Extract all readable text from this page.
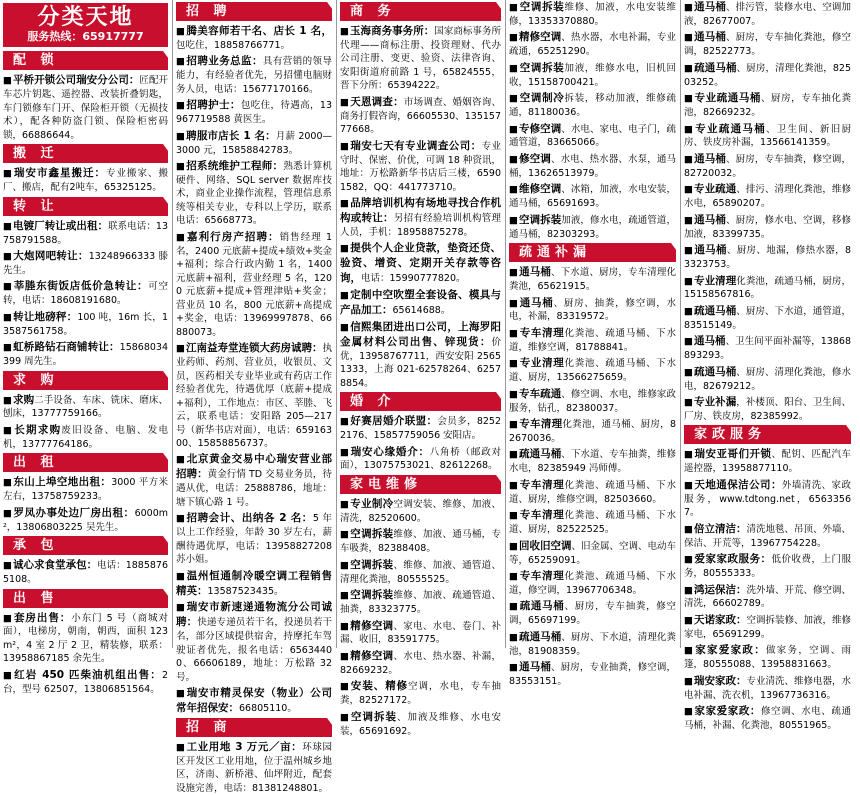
分类天地
服务热线：65917777
配 锁
■平桥开锁公司瑞安分公司：匠配开车芯片钥匙、遥控器、改装折叠钥匙，车门锁修车门开、保险柜开锁（无损技术），配各种防盗门锁、保险柜密码锁，66886644。
搬 迁
■瑞安市鑫星搬迁：专业搬家、搬厂、搬店，配有2吨车，65325125。
转 让
■电镀厂转让或出租：联系电话：13758791588。
■大炮网吧转让：13248966333 滕先生。
■莘塍东街饭店低价急转让：可空转，电话：18608191680。
■转让地磅秤：100 吨，16m 长，13587561758。
■虹桥路钻石商铺转让：15868034399 周先生。
求 购
■求购二手设备、车床、铣床、磨床、刨床，13777759166。
■长期求购废旧设备、电脑、发电机，13777764186。
出 租
■东山上埠空地出租：3000 平方米左右，13758759233。
■罗凤办事处边厂房出租：6000m²，13806803225 吴先生。
承 包
■诚心求食堂承包：电话：18858765108。
出 售
■套房出售：小东门 5 号（商城对面），电梯房，朝南，朝西，面积 123m²，4 室 2 厅 2 卫，精装修，联系：13958867185 余先生。
■红岩 450 匹柴油机组出售：2 台，型号 62507，13806851564。
招 聘
■腾美容师若干名、店长 1 名，包吃住，18858766771。
■招聘业务总监：具有营销的领导能力，有经验者优先，另招懂电脑财务人员，电话：15677170166。
■招聘护士：包吃住，待遇高，13967719588 黄医生。
■聘服市店长 1 名：月薪 2000—3000 元，15858842783。
■招系统维护工程师：熟悉计算机硬件、网络、SQL server 数据库技术，商业企业操作流程，管理信息系统等相关专业，专科以上学历，联系电话：65668773。
■嘉利行房产招聘：销售经理 1 名，2400 元底薪+提成+绩效+奖金+福利；综合行政内勤 1 名，1400 元底薪+福利，营业经理 5 名，1200 元底薪+提成+管理津贴+奖金；营业员 10 名，800 元底薪+高提成+奖金，电话：13969997878、66880073。
■江南益寿堂连锁大药房诚聘：执业药师、药剂、营业员，收银员、文员，医药相关专业毕业或有药店工作经验者优先，待遇优厚（底薪+提成+福利），工作地点：市区、莘塍、飞云，联系电话：安阳路 205—217 号（新华书店对面），电话：65916300、15858856737。
■北京黄金交易中心瑞安营业部招聘：黄金行情 TD 交易业务员，待遇从优，电话：25888786，地址：塘下镇心路 1 号。
■招聘会计、出纳各 2 名：5 年以上工作经验，年龄 30 岁左右，薪酬待遇优厚，电话：13958827208 苏小姐。
■温州恒通制冷暖空调工程销售精英：13587523435。
■瑞安市新速递通物流分公司诚聘：快递专递员若干名，投递员若干名，部分区域提供宿舍，持摩托车驾驶证者优先，报名电话：65634400、66606189，地址：万松路 32 号。
■瑞安市精灵保安（物业）公司常年招保安：66805110。
招 商
■工业用地 3 万元／亩：环球园区开发区工业用地，位于温州城乡地区，济南、新桥港、仙坪附近，配套设施完善，电话：81381248801。
商 务
■玉海商务事务所：国家商标事务所代理——商标注册、投资理财、代办公司注册、变更、验资、法律咨询、安阳街道府前路 1 号，65824555，晋下分所：65394222。
■天恩调查：市场调查、婚姻咨询、商务打假咨询，66605530、13515777668。
■瑞安七天有专业调查公司：专业守时、保密、价优，可调 18 种资讯，地址：万松路新华书店后三楼，65901582，QQ：441773710。
■品牌培训机构有场地寻找合作机构或转让：另招有经验培训机构管理人员，手机：18958875278。
■提供个人企业贷款，垫资还贷、验资、增资、定期开关存款等咨询，电话：15990777820。
■定制中空吹塑全套设备、模具与产品加工：65614688。
■信熙集团进出口公司，上海罗阳金属材料公司出售、锌现货：价优，13958767711，西安安阳 25651333，上海 021-62578264、62578854。
婚 介
■好赛居婚介联盟：会员多，82522176、15857759056 安阳店。
■瑞安心缘婚介：八角桥（邮政对面），13075753021、82612268。
家电维修
■专业制冷空调安装、维修、加液、清洗，82520600。
■空调拆装维修、加液、通马桶，专车吸粪，82388408。
■空调拆装、维修、加液、通管道、清理化粪池，80555525。
■空调拆装维修、加液、疏通管道、抽粪，83323775。
■精修空调、家电、水电、卷门、补漏、收旧，83591775。
■精修空调、水电、热水器、补漏，82669232。
■安装、精修空调，水电，专车抽粪，82527172。
■空调拆装、加液及维修、水电安装，65691692。
■空调拆装维修、加液，水电安装维修，13353370880。
■精修空调、热水器，水电补漏，专业疏通，65251290。
■空调拆装加液，维修水电，旧机回收，15158700421。
■空调制冷拆装，移动加液，维修疏通，81180036。
■专修空调、水电、家电、电子门，疏通管道，83665066。
■修空调、水电、热水器、水泵，通马桶，13626513979。
■维修空调、冰箱，加液，水电安装，通马桶，65691693。
■空调拆装加液，修水电，疏通管道，通马桶，82303293。
疏通补漏
■通马桶、下水道、厨房，专车清理化粪池，65621915。
■通马桶、厨房、抽粪，修空调，水电，补漏，83319572。
■专车清理化粪池、疏通马桶、下水道，维修空调，81788841。
■专业清理化粪池、疏通马桶、下水道、厨房，13566275659。
■专车疏通、修空调、水电，维修家政服务，钻孔，82380037。
■专车清理化粪池，通马桶、厨房，82670036。
■疏通马桶、下水道、专车抽粪，维修水电，82385949 冯师傅。
■专车清理化粪池、疏通马桶、下水道、厨房，维修空调，82503660。
■专车清理化粪池、疏通马桶、下水道、厨房，82522525。
■回收旧空调、旧金属、空调、电动车等，65259091。
■专车清理化粪池、疏通马桶、下水道，修空调，13967706348。
■疏通马桶、厨房，专车抽粪，修空调，65697199。
■疏通马桶、厨房、下水道，清理化粪池，81908359。
■通马桶、厨房，专业抽粪，修空调，83553151。
■通马桶、排污管，装修水电、空调加液，82677007。
■通马桶、厨房，专车抽化粪池，修空调，82522773。
■疏通马桶、厨房，清理化粪池，82503252。
■专业疏通马桶、厨房，专车抽化粪池，82669232。
■专业疏通马桶、卫生间、新旧厨房、铁皮房补漏，13566141359。
■通马桶、厨房，专车抽粪，修空调，82720032。
■专业疏通、排污、清理化粪池，维修水电，65890207。
■通马桶、厨房，修水电、空调，移修加液，83399735。
■通马桶、厨房、地漏，修热水器，83323753。
■专业清理化粪池，疏通马桶，厨房，15158567816。
■疏通马桶、厨房、下水道，通管道，83515149。
■通马桶、卫生间平面补漏等，13868893293。
■疏通马桶、厨房、清理化粪池，修水电，82679212。
■专业补漏，补楼顶、阳台、卫生间、厂房、铁皮房，82385992。
家政服务
■瑞安亚哥们开锁、配钥、匹配汽车遥控器，13958877110。
■天地通保洁公司：外墙清洗、家政服务，www.tdtong.net，65633567。
■倍立清洁：清洗地毯、吊顶、外墙、保洁、开荒等，13967754228。
■爱家家政服务：低价收费，上门服务，80555333。
■鸿运保洁：洗外墙、开荒、修空调、清洗，66602789。
■天诺家政：空调拆装修、加液，维修家电，65691299。
■家家爱家政：做家务，空调、雨篷，80555088、13958831663。
■瑞安家政：专业清洗、维修电器，水电补漏、洗衣机，13967736316。
■家家爱家政：修空调、水电、疏通马桶，补漏、化粪池，80551965。
